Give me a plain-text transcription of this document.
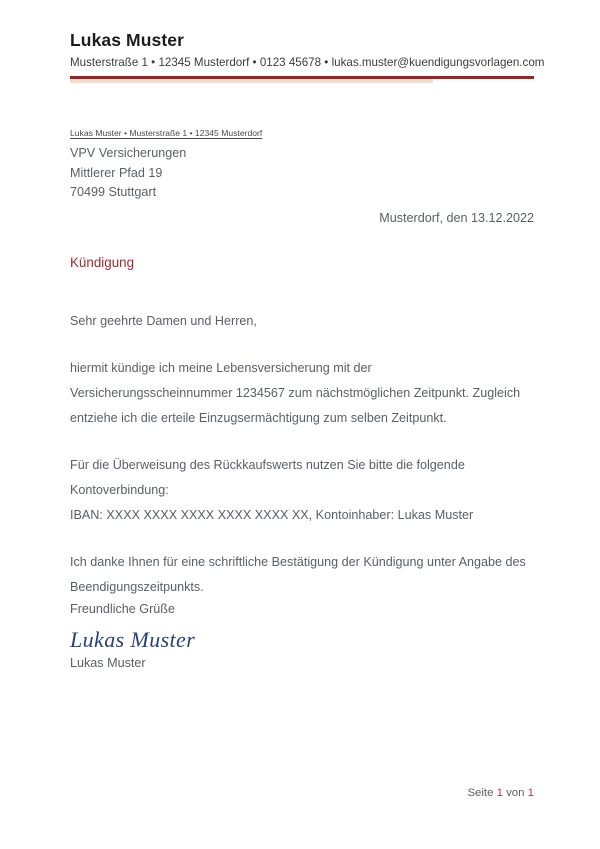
Lukas Muster
Musterstraße 1 • 12345 Musterdorf • 0123 45678 • lukas.muster@kuendigungsvorlagen.com
Lukas Muster • Musterstraße 1 • 12345 Musterdorf
VPV Versicherungen
Mittlerer Pfad 19
70499 Stuttgart
Musterdorf, den 13.12.2022
Kündigung

Sehr geehrte Damen und Herren,

hiermit kündige ich meine Lebensversicherung mit der Versicherungsscheinnummer 1234567 zum nächstmöglichen Zeitpunkt. Zugleich entziehe ich die erteile Einzugsermächtigung zum selben Zeitpunkt.

Für die Überweisung des Rückkaufswerts nutzen Sie bitte die folgende Kontoverbindung:

IBAN: XXXX XXXX XXXX XXXX XXXX XX, Kontoinhaber: Lukas Muster

Ich danke Ihnen für eine schriftliche Bestätigung der Kündigung unter Angabe des Beendigungszeitpunkts.

Freundliche Grüße
Lukas Muster
Lukas Muster
Seite 1 von 1
